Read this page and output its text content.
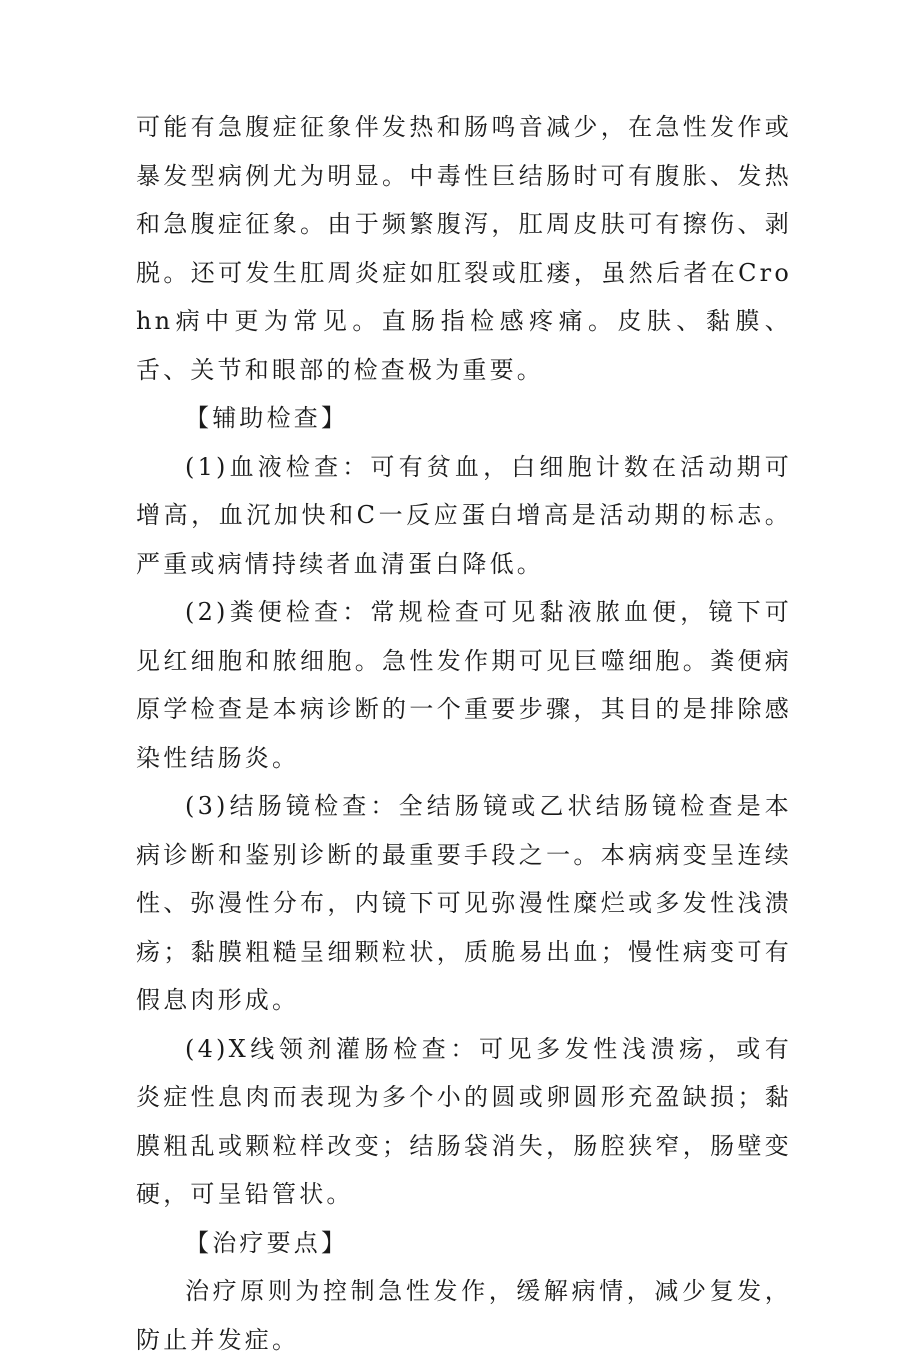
可能有急腹症征象伴发热和肠鸣音减少，在急性发作或暴发型病例尤为明显。中毒性巨结肠时可有腹胀、发热和急腹症征象。由于频繁腹泻，肛周皮肤可有擦伤、剥脱。还可发生肛周炎症如肛裂或肛瘘，虽然后者在Crohn病中更为常见。直肠指检感疼痛。皮肤、黏膜、舌、关节和眼部的检查极为重要。

【辅助检查】

(1)血液检查：可有贫血，白细胞计数在活动期可增高，血沉加快和C一反应蛋白增高是活动期的标志。严重或病情持续者血清蛋白降低。

(2)粪便检查：常规检查可见黏液脓血便，镜下可见红细胞和脓细胞。急性发作期可见巨噬细胞。粪便病原学检查是本病诊断的一个重要步骤，其目的是排除感染性结肠炎。

(3)结肠镜检查：全结肠镜或乙状结肠镜检查是本病诊断和鉴别诊断的最重要手段之一。本病病变呈连续性、弥漫性分布，内镜下可见弥漫性糜烂或多发性浅溃疡；黏膜粗糙呈细颗粒状，质脆易出血；慢性病变可有假息肉形成。

(4)X线领剂灌肠检查：可见多发性浅溃疡，或有炎症性息肉而表现为多个小的圆或卵圆形充盈缺损；黏膜粗乱或颗粒样改变；结肠袋消失，肠腔狭窄，肠壁变硬，可呈铅管状。

【治疗要点】

治疗原则为控制急性发作，缓解病情，减少复发，防止并发症。
